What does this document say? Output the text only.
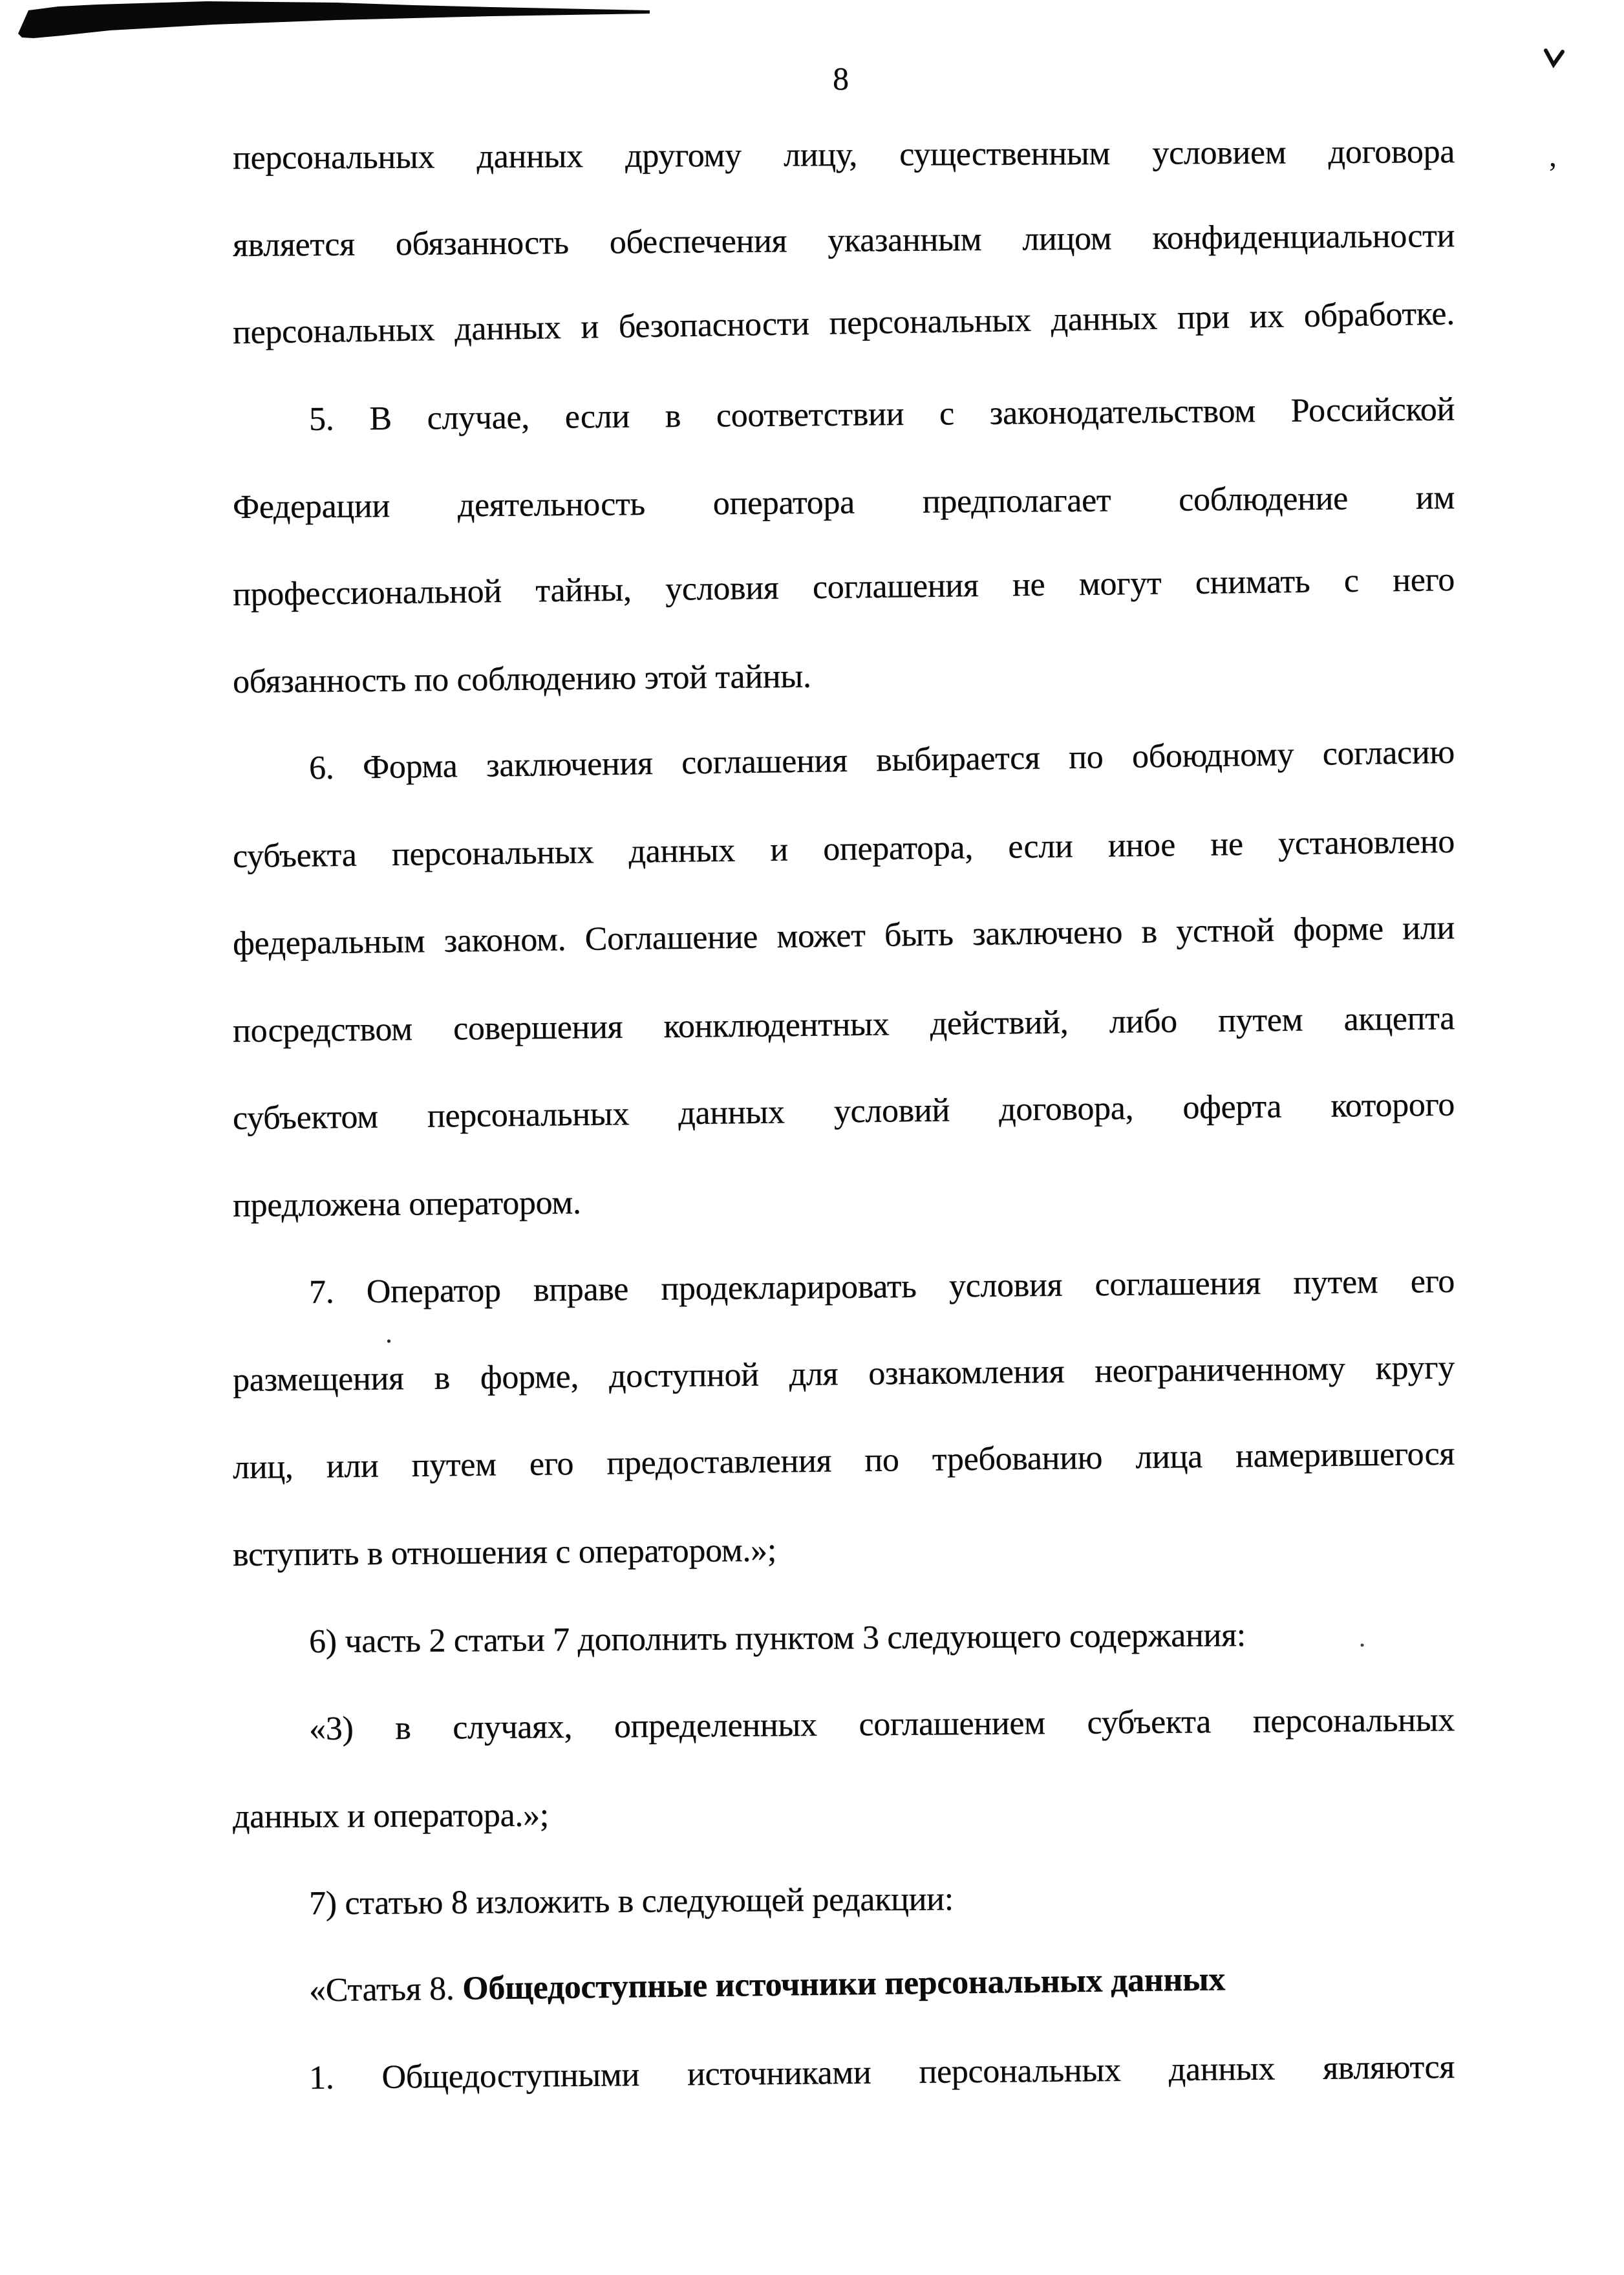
8
персональных данных другому лицу, существенным условием договора
является обязанность обеспечения указанным лицом конфиденциальности
персональных данных и безопасности персональных данных при их обработке.
5. В случае, если в соответствии с законодательством Российской
Федерации деятельность оператора предполагает соблюдение им
профессиональной тайны, условия соглашения не могут снимать с него
обязанность по соблюдению этой тайны.
6. Форма заключения соглашения выбирается по обоюдному согласию
субъекта персональных данных и оператора, если иное не установлено
федеральным законом. Соглашение может быть заключено в устной форме или
посредством совершения конклюдентных действий, либо путем акцепта
субъектом персональных данных условий договора, оферта которого
предложена оператором.
7. Оператор вправе продекларировать условия соглашения путем его
размещения в форме, доступной для ознакомления неограниченному кругу
лиц, или путем его предоставления по требованию лица намерившегося
вступить в отношения с оператором.»;
6) часть 2 статьи 7 дополнить пунктом 3 следующего содержания:
«3) в случаях, определенных соглашением субъекта персональных
данных и оператора.»;
7) статью 8 изложить в следующей редакции:
«Статья 8. Общедоступные источники персональных данных
1. Общедоступными источниками персональных данных являются
,
.
·
